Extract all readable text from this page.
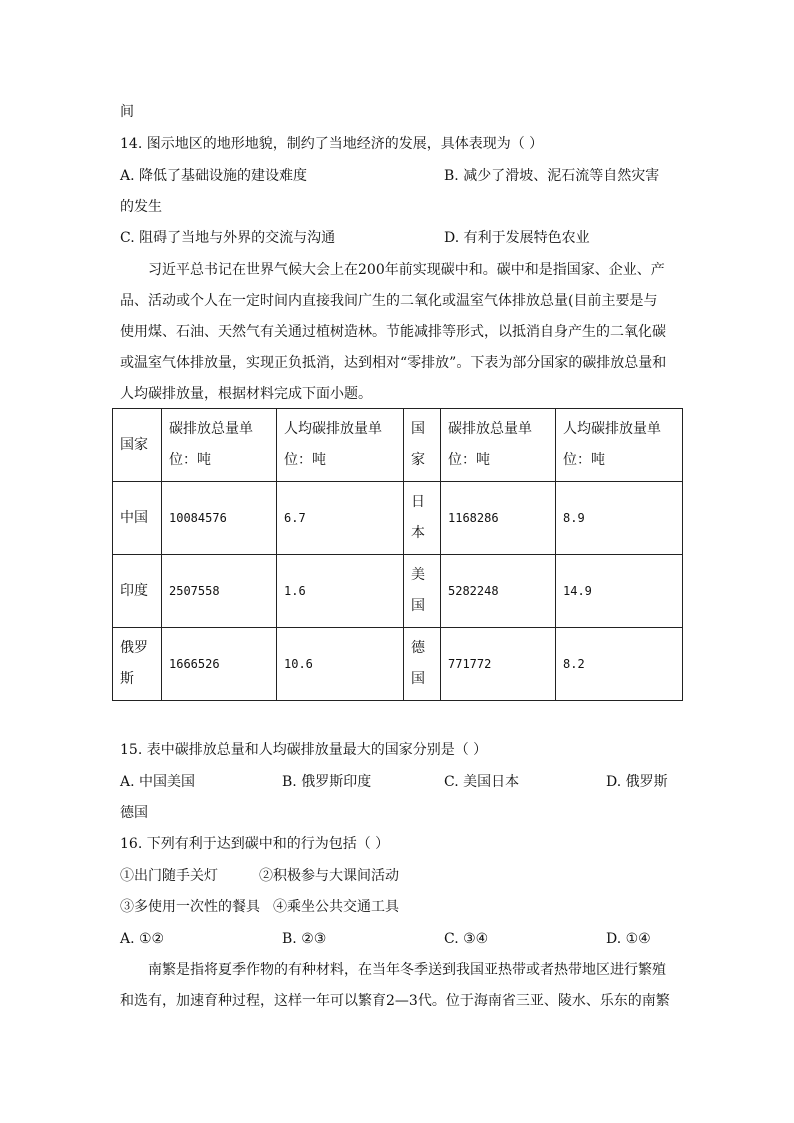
间
14. 图示地区的地形地貌，制约了当地经济的发展，具体表现为（ ）
A. 降低了基础设施的建设难度	B. 减少了滑坡、泥石流等自然灾害
的发生
C. 阻碍了当地与外界的交流与沟通	D. 有利于发展特色农业
习近平总书记在世界气候大会上在200年前实现碳中和。碳中和是指国家、企业、产
品、活动或个人在一定时间内直接我间广生的二氧化或温室气体排放总量(目前主要是与
使用煤、石油、天然气有关通过植树造林。节能减排等形式，以抵消自身产生的二氧化碳
或温室气体排放量，实现正负抵消，达到相对“零排放”。下表为部分国家的碳排放总量和
人均碳排放量，根据材料完成下面小题。
国家	碳排放总量单位：吨	人均碳排放量单位：吨	国家	碳排放总量单位：吨	人均碳排放量单位：吨
中国	10084576	6.7	日本	1168286	8.9
印度	2507558	1.6	美国	5282248	14.9
俄罗斯	1666526	10.6	德国	771772	8.2
15. 表中碳排放总量和人均碳排放量最大的国家分别是（ ）
A. 中国美国	B. 俄罗斯印度	C. 美国日本	D. 俄罗斯
德国
16. 下列有利于达到碳中和的行为包括（ ）
①出门随手关灯	②积极参与大课间活动
③多使用一次性的餐具 ④乘坐公共交通工具
A. ①②	B. ②③	C. ③④	D. ①④
南繁是指将夏季作物的有种材料，在当年冬季送到我国亚热带或者热带地区进行繁殖
和选有，加速育种过程，这样一年可以繁育2—3代。位于海南省三亚、陵水、乐东的南繁
